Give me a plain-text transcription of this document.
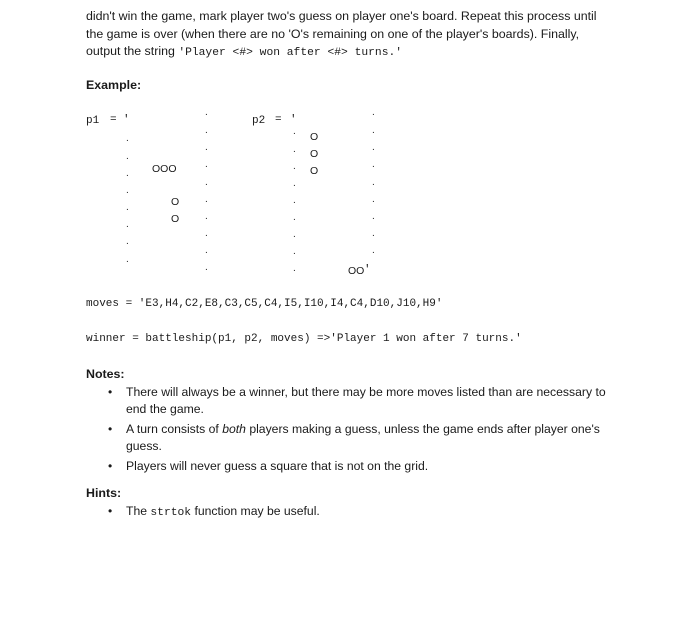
didn't win the game, mark player two's guess on player one's board. Repeat this process until
the game is over (when there are no 'O's remaining on one of the player's boards). Finally,
output the string 'Player <#> won after <#> turns.'
Example:
p1 = '	p2 = '
.
.
.
.
.
.
.
.
.
.
.
.
.
.
.
.
.
.
OOO
O
O
.
.
.
.
.
.
.
.
.
.
.
.
.
.
.
.
.
.
O
O
O
OO '
moves = 'E3,H4,C2,E8,C3,C5,C4,I5,I10,I4,C4,D10,J10,H9'
winner = battleship(p1, p2, moves) =>'Player 1 won after 7 turns.'
Notes:
• There will always be a winner, but there may be more moves listed than are necessary to end the game.
• A turn consists of both players making a guess, unless the game ends after player one's guess.
• Players will never guess a square that is not on the grid.
Hints:
• The strtok function may be useful.
